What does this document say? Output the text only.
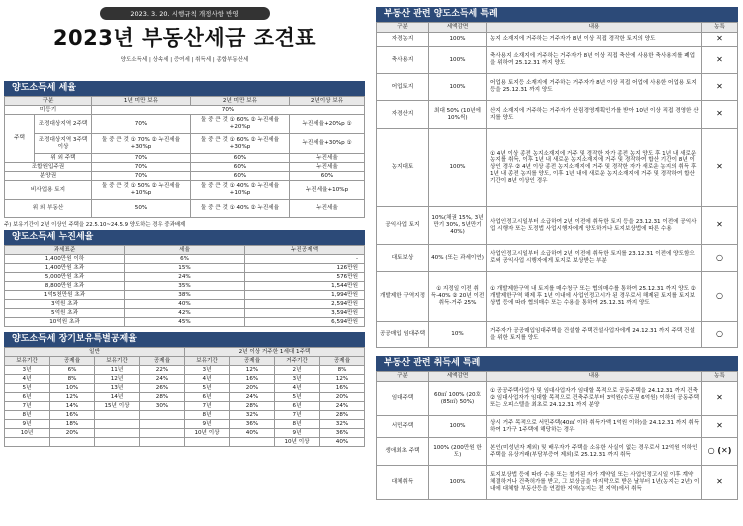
2023. 3. 20. 시행규칙 개정사항 반영
2023년 부동산세금 조견표
양도소득세 | 상속세 | 증여세 | 취득세 | 종합부동산세
양도소득세 세율
구분		1년 미만 보유	2년 미만 보유	2년이상 보유
미등기		70%		
주택	조정대상지역 2주택	70%	둘 중 큰 것 ① 60% ② 누진세율+20%p	누진세율+20%p ①
	조정대상지역 3주택 이상	둘 중 큰 것 ① 70% ② 누진세율+30%p	둘 중 큰 것 ① 60% ② 누진세율+30%p	누진세율+30%p ①
	위 외 주택	70%	60%	누진세율
조합원입주권		70%	60%	누진세율
분양권		70%	60%	60%
비사업용 토지		둘 중 큰 것 ① 50% ② 누진세율+10%p	둘 중 큰 것 ① 40% ② 누진세율+10%p	누진세율+10%p
위 외 부동산		50%	둘 중 큰 것 ① 40% ② 누진세율	누진세율
주) 보유기간이 2년 이상인 주택을 22.5.10~24.5.9 양도하는 경우 중과배제
양도소득세 누진세율
과세표준	세율	누진공제액
1,400만원 이하	6%	-
1,400만원 초과	15%	126만원
5,000만원 초과	24%	576만원
8,800만원 초과	35%	1,544만원
1억5천만원 초과	38%	1,994만원
3억원 초과	40%	2,594만원
5억원 초과	42%	3,594만원
10억원 초과	45%	6,594만원
양도소득세 장기보유특별공제율
일반				2년 이상 거주한 1세대 1주택			
보유기간	공제율	보유기간	공제율	보유기간	공제율	거주기간	공제율
3년	6%	11년	22%	3년	12%	2년	8%
4년	8%	12년	24%	4년	16%	3년	12%
5년	10%	13년	26%	5년	20%	4년	16%
6년	12%	14년	28%	6년	24%	5년	20%
7년	14%	15년 이상	30%	7년	28%	6년	24%
8년	16%			8년	32%	7년	28%
9년	18%			9년	36%	8년	32%
10년	20%			10년 이상	40%	9년	36%
						10년 이상	40%
부동산 관련 양도소득세 특례
구분	세액감면	내용	농특
자경농지	100%	농지 소재지에 거주하는 거주자가 8년 이상 직접 경작한 토지의 양도	✕
축사용지	100%	축사용지 소재지에 거주하는 거주자가 8년 이상 직접 축산에 사용한 축사용지를 폐업을 위하여 25.12.31 까지 양도	✕
어업토지	100%	어업용 토지등 소재지에 거주하는 거주자가 8년 이상 직접 어업에 사용한 어업용 토지등을 25.12.31 까지 양도	✕
자경산지	최대 50% (10년에 10%씩)	산지 소재지에 거주하는 거주자가 산림경영계획인가를 받아 10년 이상 직접 경영한 산지를 양도	✕
농지대토	100%	① 4년 이상 종전 농지소재지에 거주 및 경작한 자가 종전 농지 양도 후 1년 내 새로운 농지를 취득, 이후 1년 내 새로운 농지소재지에 거주 및 경작하여 합산 기간이 8년 이상인 경우 ② 4년 이상 종전 농지소재지에 거주 및 경작한 자가 새로운 농지의 취득 후 1년 내 종전 농지를 양도, 이후 1년 내에 새로운 농지소재지에 거주 및 경작하여 합산기간이 8년 이상인 경우	✕
공익사업 토지	10%(채권 15%, 3년만기 30%, 5년만기 40%)	사업인정고시일부터 소급하여 2년 이전에 취득한 토지 등을 23.12.31 이전에 공익사업 시행자 또는 도정법 사업시행자에게 양도하거나 토지보상법에 따른 수용	✕
대토보상	40% (또는 과세이연)	사업인정고시일부터 소급하여 2년 이전에 취득한 토지를 23.12.31 이전에 양도함으로써 공익사업 시행자에게 토지로 보상받는 부분	○
개발제한 구역지정	① 지정일 이전 취득-40% ② 20년 이전 취득-거주 25%	① 개발제한구역 내 토지를 매수청구 또는 협의매수를 통하여 25.12.31 까지 양도 ② 개발제한구역 해제 후 1년 이내에 사업인정고시가 된 경우로서 해제된 토지를 토지보상법 등에 따라 협의매수 또는 수용을 통하여 25.12.31 까지 양도	○
공공매입 임대주택	10%	거주자가 공공매입임대주택을 건설할 주택건설사업자에게 24.12.31 까지 주택 건설을 위한 토지를 양도	○
부동산 관련 취득세 특례
구분	세액감면	내용	농특
임대주택	60㎡ 100% (20호(85㎡) 50%)	① 공공주택사업자 및 임대사업자가 임대할 목적으로 공동주택을 24.12.31 까지 건축 ② 임대사업자가 임대할 목적으로 건축주로부터 3억원(수도권 6억원) 이하의 공동주택 또는 오피스텔을 최초로 24.12.31 까지 분양	✕
서민주택	100%	상시 거주 목적으로 서민주택(40㎡ 이하 취득가액 1억원 이하)을 24.12.31 까지 취득하여 1가구 1주택에 해당하는 경우	✕
생애최초 주택	100% (200만원 한도)	본인(미성년자 제외) 및 배우자가 주택을 소유한 사실이 없는 경우로서 12억원 이하인 주택을 유상거래(부담부증여 제외)로 25.12.31 까지 취득	○ (✕)
대체취득	100%	토지보상법 등에 따라 수용 또는 철거된 자가 계약일 또는 사업인정고시일 이후 계약 체결하거나 건축허가를 받고, 그 보상금을 마지막으로 받은 날부터 1년(농지는 2년) 이내에 대체할 부동산등을 연접한 지역(농지는 전 지역)에서 취득	✕
